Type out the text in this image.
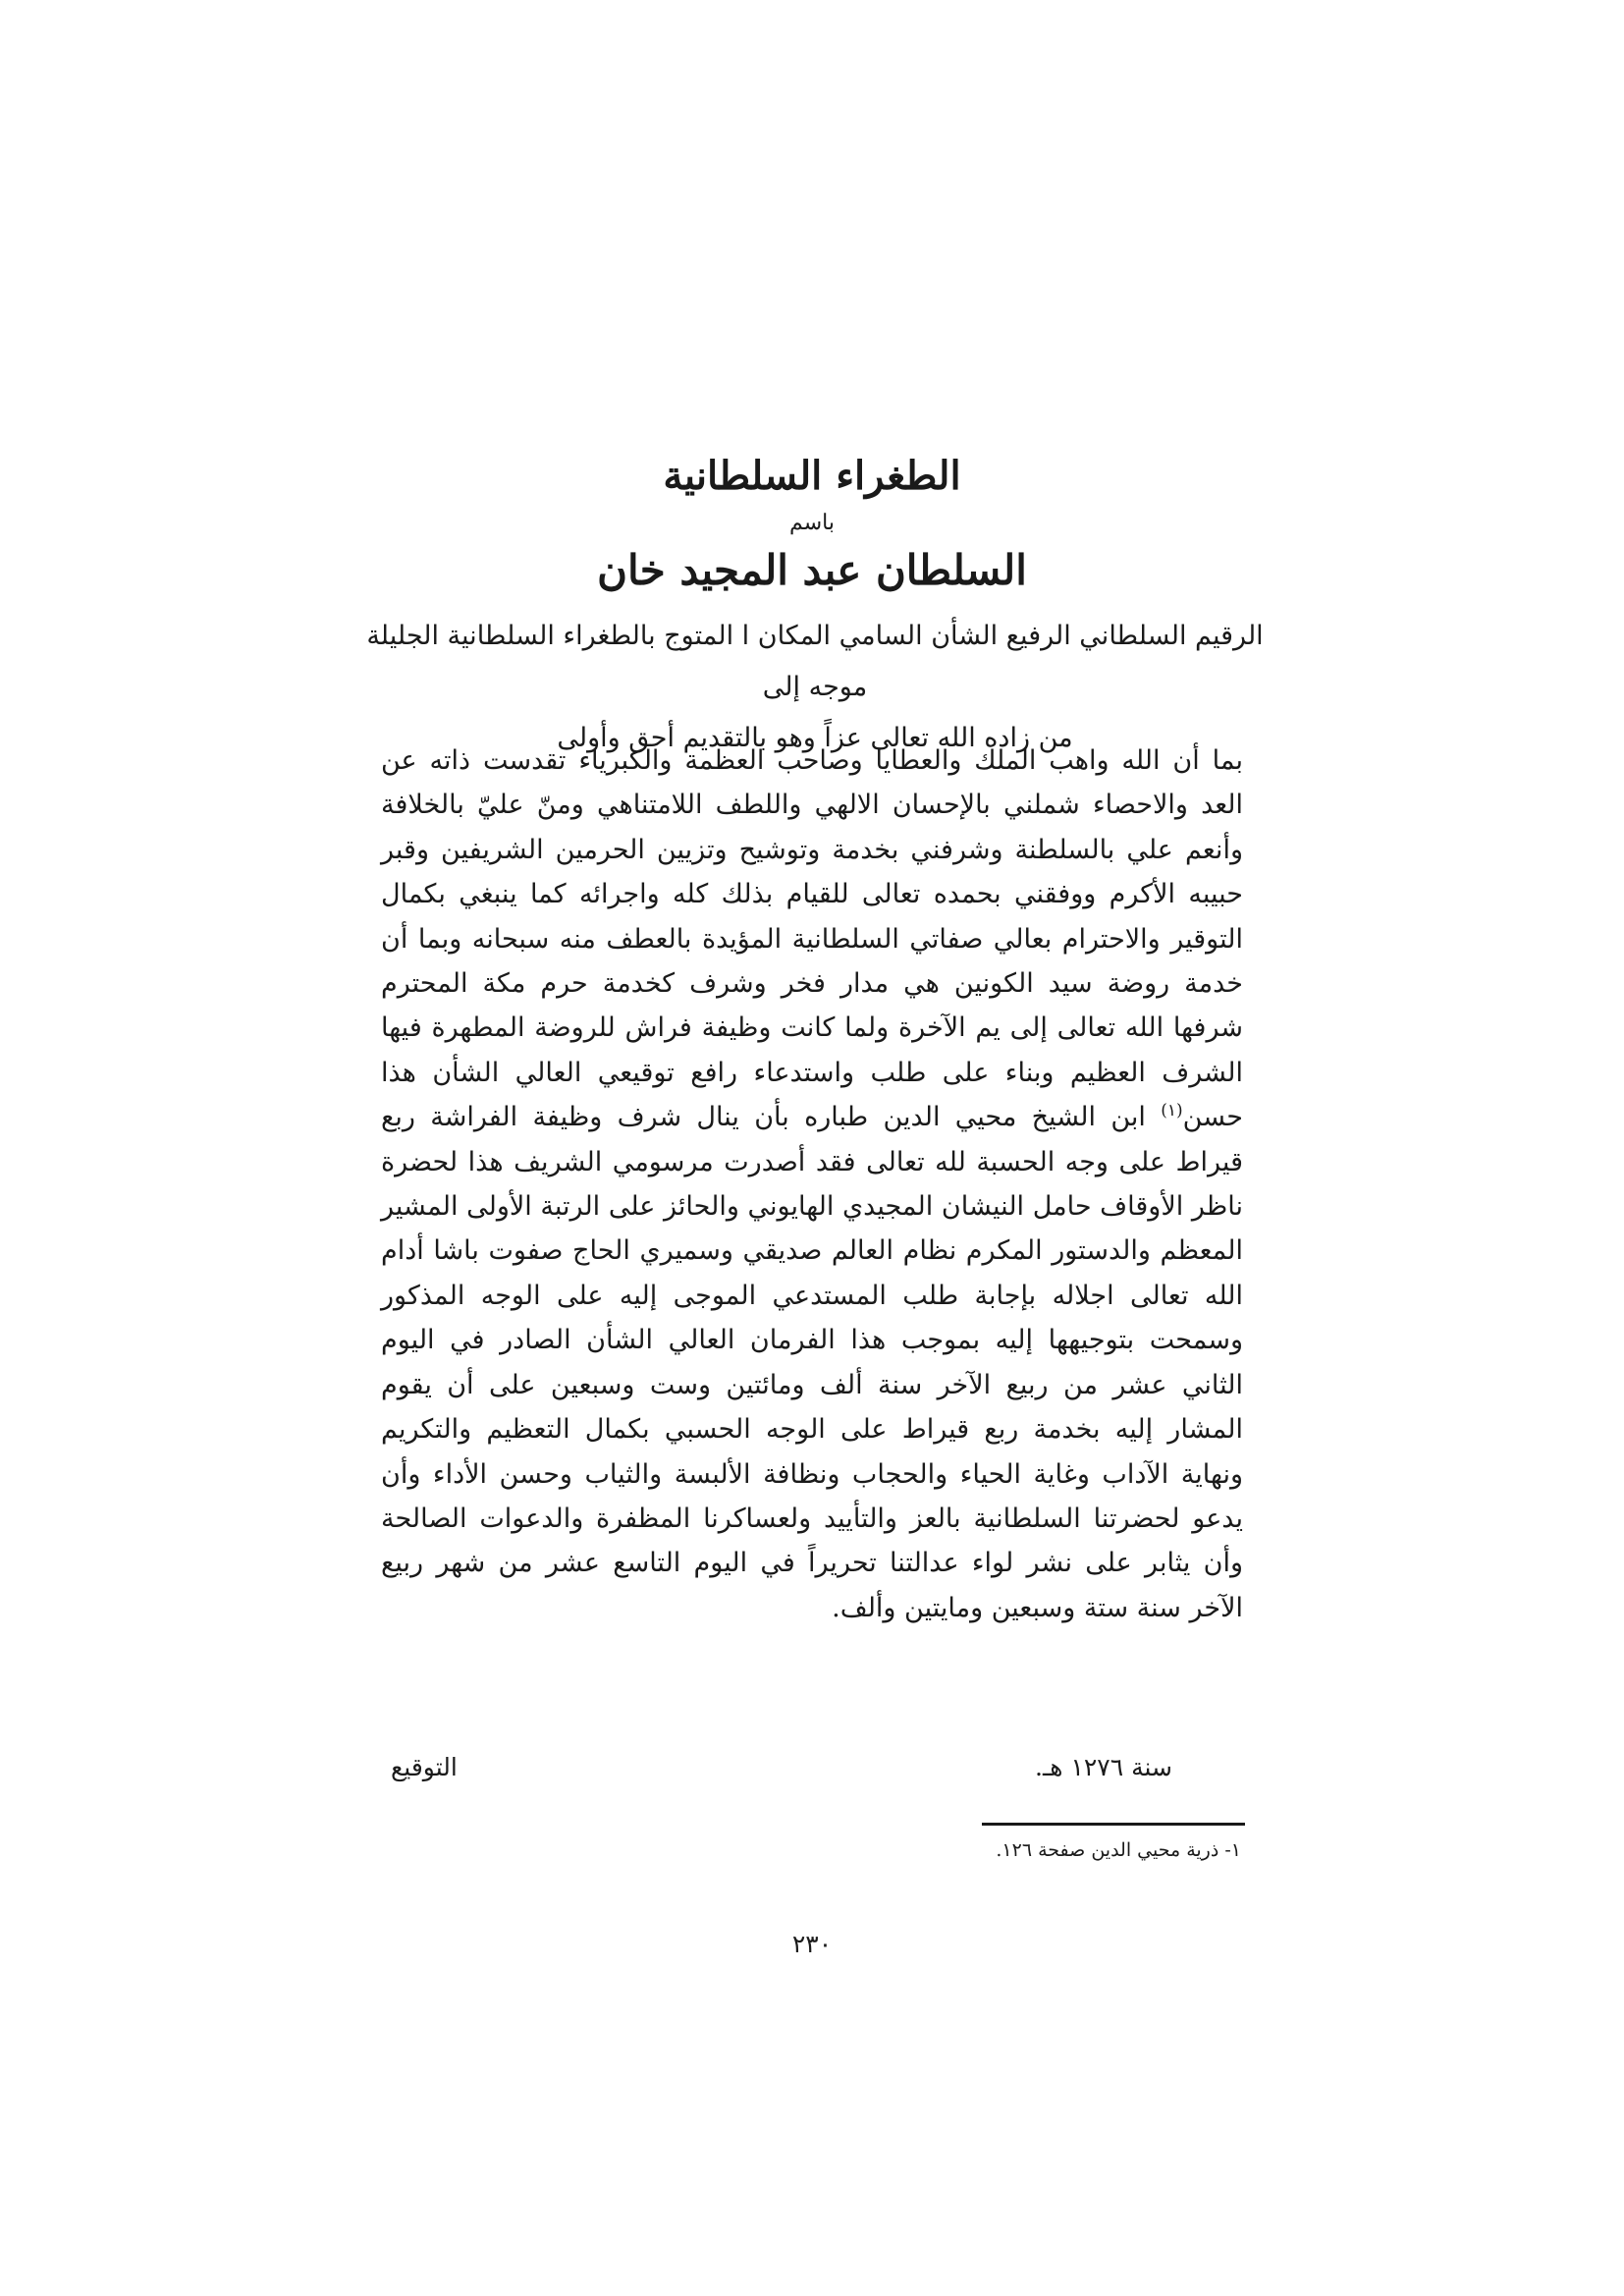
الطغراء السلطانية
باسم
السلطان عبد المجيد خان

الرقيم السلطاني الرفيع الشأن السامي المكان ا المتوج بالطغراء السلطانية الجليلة موجه إلى

من زاده الله تعالى عزاً وهو بالتقديم أحق وأولى

بما أن الله واهب الملك والعطايا وصاحب العظمة والكبرياء تقدست ذاته عن العد والاحصاء شملني بالإحسان الالهي واللطف اللامتناهي ومنّ عليّ بالخلافة وأنعم علي بالسلطنة وشرفني بخدمة وتوشيح وتزيين الحرمين الشريفين وقبر حبيبه الأكرم ووفقني بحمده تعالى للقيام بذلك كله واجرائه كما ينبغي بكمال التوقير والاحترام بعالي صفاتي السلطانية المؤيدة بالعطف منه سبحانه وبما أن خدمة روضة سيد الكونين هي مدار فخر وشرف كخدمة حرم مكة المحترم شرفها الله تعالى إلى يم الآخرة ولما كانت وظيفة فراش للروضة المطهرة فيها الشرف العظيم وبناء على طلب واستدعاء رافع توقيعي العالي الشأن هذا حسن$^{(١)}$ ابن الشيخ محيي الدين طباره بأن ينال شرف وظيفة الفراشة ربع قيراط على وجه الحسبة لله تعالى فقد أصدرت مرسومي الشريف هذا لحضرة ناظر الأوقاف حامل النيشان المجيدي الهايوني والحائز على الرتبة الأولى المشير المعظم والدستور المكرم نظام العالم صديقي وسميري الحاج صفوت باشا أدام الله تعالى اجلاله بإجابة طلب المستدعي الموجى إليه على الوجه المذكور وسمحت بتوجيهها إليه بموجب هذا الفرمان العالي الشأن الصادر في اليوم الثاني عشر من ربيع الآخر سنة ألف ومائتين وست وسبعين على أن يقوم المشار إليه بخدمة ربع قيراط على الوجه الحسبي بكمال التعظيم والتكريم ونهاية الآداب وغاية الحياء والحجاب ونظافة الألبسة والثياب وحسن الأداء وأن يدعو لحضرتنا السلطانية بالعز والتأييد ولعساكرنا المظفرة والدعوات الصالحة وأن يثابر على نشر لواء عدالتنا تحريراً في اليوم التاسع عشر من شهر ربيع الآخر سنة ستة وسبعين ومايتين وألف.

سنة ١٢٧٦ هـ.
التوقيع
١- ذرية محيي الدين صفحة ١٢٦.
٢٣٠
